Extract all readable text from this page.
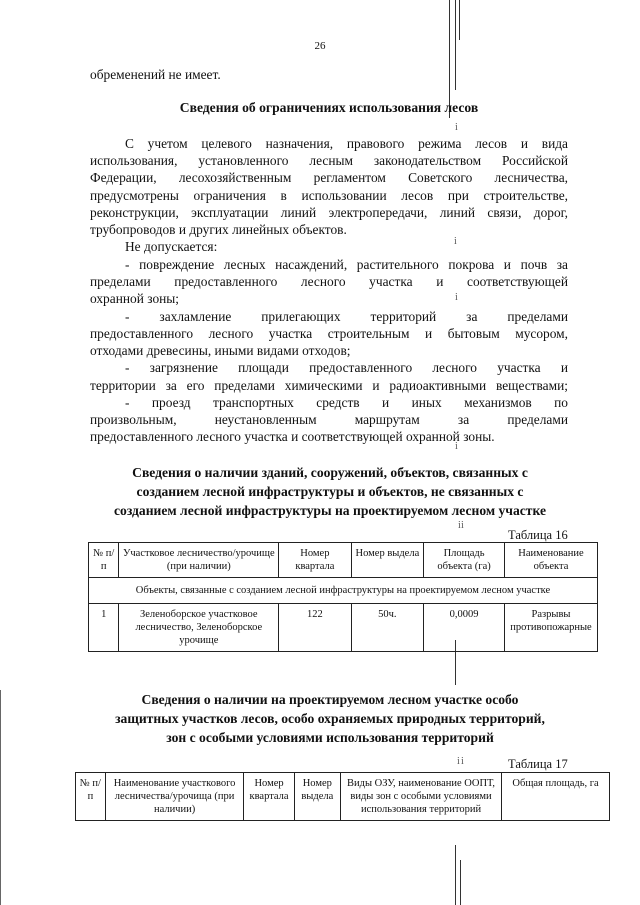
і
і
і
і
і і
і і
26
обременений не имеет.
Сведения об ограничениях использования лесов
С учетом целевого назначения, правового режима лесов и вида
использования, установленного лесным законодательством Российской
Федерации, лесохозяйственным регламентом Советского лесничества,
предусмотрены ограничения в использовании лесов при строительстве,
реконструкции, эксплуатации линий электропередачи, линий связи, дорог,
трубопроводов и других линейных объектов.
Не допускается:
- повреждение лесных насаждений, растительного покрова и почв за
пределами предоставленного лесного участка и соответствующей
охранной зоны;
- захламление прилегающих территорий за пределами
предоставленного лесного участка строительным и бытовым мусором,
отходами древесины, иными видами отходов;
- загрязнение площади предоставленного лесного участка и
территории за его пределами химическими и радиоактивными веществами;
- проезд транспортных средств и иных механизмов по
произвольным, неустановленным маршрутам за пределами
предоставленного лесного участка и соответствующей охранной зоны.
Сведения о наличии зданий, сооружений, объектов, связанных с
созданием лесной инфраструктуры и объектов, не связанных с
созданием лесной инфраструктуры на проектируемом лесном участке
Таблица 16
№ п/п	Участковое лесничество/урочище (при наличии)	Номер квартала	Номер выдела	Площадь объекта (га)	Наименование объекта
Объекты, связанные с созданием лесной инфраструктуры на проектируемом лесном участке					
1	Зеленоборское участковое лесничество, Зеленоборское урочище	122	50ч.	0,0009	Разрывы противопожарные
Сведения о наличии на проектируемом лесном участке особо
защитных участков лесов, особо охраняемых природных территорий,
зон с особыми условиями использования территорий
Таблица 17
№ п/п	Наименование участкового лесничества/урочища (при наличии)	Номер квартала	Номер выдела	Виды ОЗУ, наименование ООПТ, виды зон с особыми условиями использования территорий	Общая площадь, га
